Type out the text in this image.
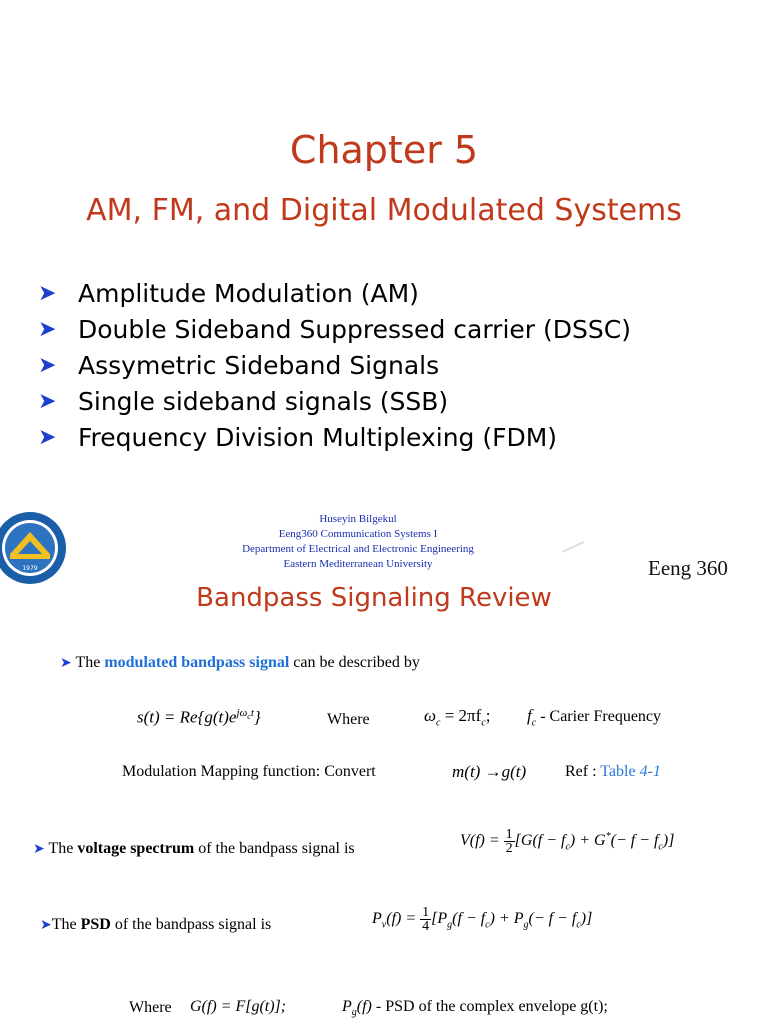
Chapter 5
AM, FM, and Digital Modulated Systems
➤ Amplitude Modulation (AM)
➤ Double Sideband Suppressed carrier (DSSC)
➤ Assymetric Sideband Signals
➤ Single sideband signals (SSB)
➤ Frequency Division Multiplexing (FDM)
1979
Huseyin Bilgekul
Eeng360 Communication Systems I
Department of Electrical and Electronic Engineering
Eastern Mediterranean University	Eeng 360
Bandpass Signaling Review
➤ The modulated bandpass signal can be described by
$s(t) = Re\{g(t)e^{j\omega_ct}\}$	Where	$\omega_c = 2\pi f_c$; $f_c$ - Carier Frequency
Modulation Mapping function: Convert	m(t) →g(t) Ref : Table 4-1
➤ The voltage spectrum of the bandpass signal is	$V(f) = \frac{1}{2} [G(f - f_c) + G^*(- f - f_c)]$
➤The PSD of the bandpass signal is	$P_v(f) = \frac{1}{4} [P_g(f - f_c) + P_g(- f - f_c)]$
Where G(f) = F[g(t)];	$P_g(f)$ - PSD of the complex envelope g(t);
